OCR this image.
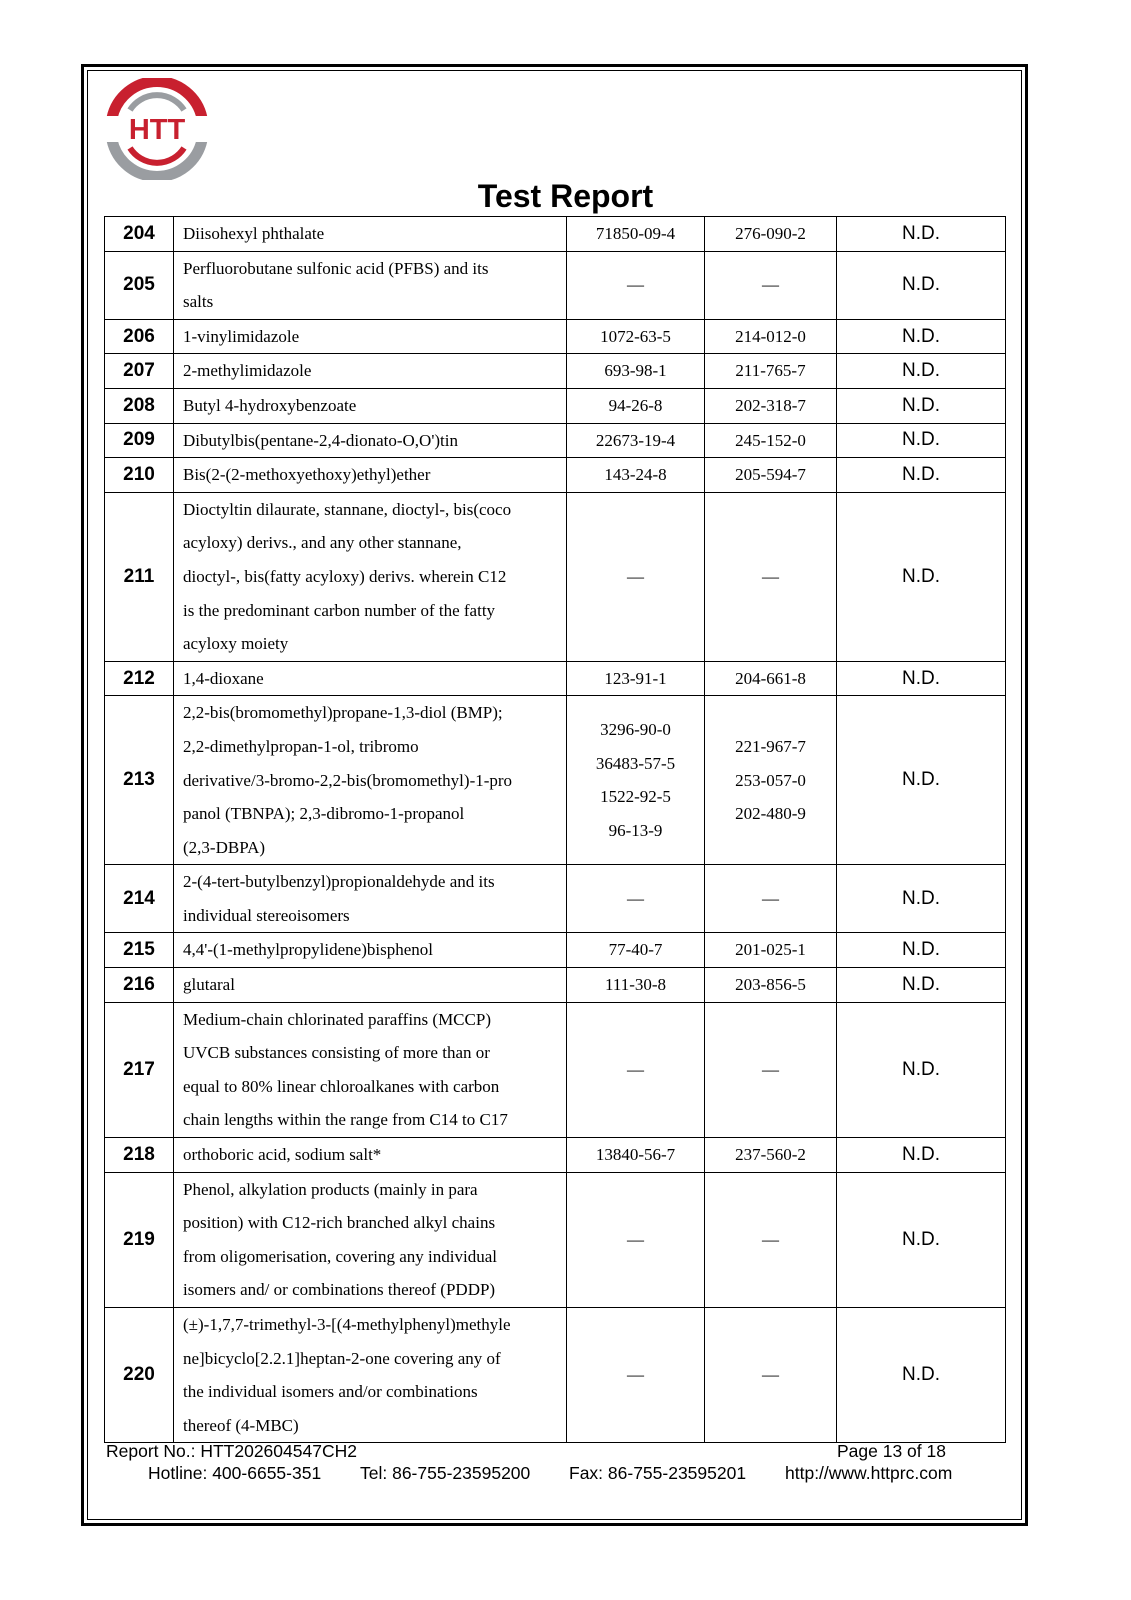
HTT
Test Report
204	Diisohexyl phthalate	71850-09-4	276-090-2	N.D.
205	Perfluorobutane sulfonic acid (PFBS) and its
salts	—	—	N.D.
206	1-vinylimidazole	1072-63-5	214-012-0	N.D.
207	2-methylimidazole	693-98-1	211-765-7	N.D.
208	Butyl 4-hydroxybenzoate	94-26-8	202-318-7	N.D.
209	Dibutylbis(pentane-2,4-dionato-O,O')tin	22673-19-4	245-152-0	N.D.
210	Bis(2-(2-methoxyethoxy)ethyl)ether	143-24-8	205-594-7	N.D.
211	Dioctyltin dilaurate, stannane, dioctyl-, bis(coco
acyloxy) derivs., and any other stannane,
dioctyl-, bis(fatty acyloxy) derivs. wherein C12
is the predominant carbon number of the fatty
acyloxy moiety	—	—	N.D.
212	1,4-dioxane	123-91-1	204-661-8	N.D.
213	2,2-bis(bromomethyl)propane-1,3-diol (BMP);
2,2-dimethylpropan-1-ol, tribromo
derivative/3-bromo-2,2-bis(bromomethyl)-1-pro
panol (TBNPA); 2,3-dibromo-1-propanol
(2,3-DBPA)	3296-90-0
36483-57-5
1522-92-5
96-13-9	221-967-7
253-057-0
202-480-9	N.D.
214	2-(4-tert-butylbenzyl)propionaldehyde and its
individual stereoisomers	—	—	N.D.
215	4,4'-(1-methylpropylidene)bisphenol	77-40-7	201-025-1	N.D.
216	glutaral	111-30-8	203-856-5	N.D.
217	Medium-chain chlorinated paraffins (MCCP)
UVCB substances consisting of more than or
equal to 80% linear chloroalkanes with carbon
chain lengths within the range from C14 to C17	—	—	N.D.
218	orthoboric acid, sodium salt*	13840-56-7	237-560-2	N.D.
219	Phenol, alkylation products (mainly in para
position) with C12-rich branched alkyl chains
from oligomerisation, covering any individual
isomers and/ or combinations thereof (PDDP)	—	—	N.D.
220	(±)-1,7,7-trimethyl-3-[(4-methylphenyl)methyle
ne]bicyclo[2.2.1]heptan-2-one covering any of
the individual isomers and/or combinations
thereof (4-MBC)	—	—	N.D.
Report No.: HTT202604547CH2	Page 13 of 18
Hotline: 400-6655-351 Tel: 86-755-23595200 Fax: 86-755-23595201 http://www.httprc.com
